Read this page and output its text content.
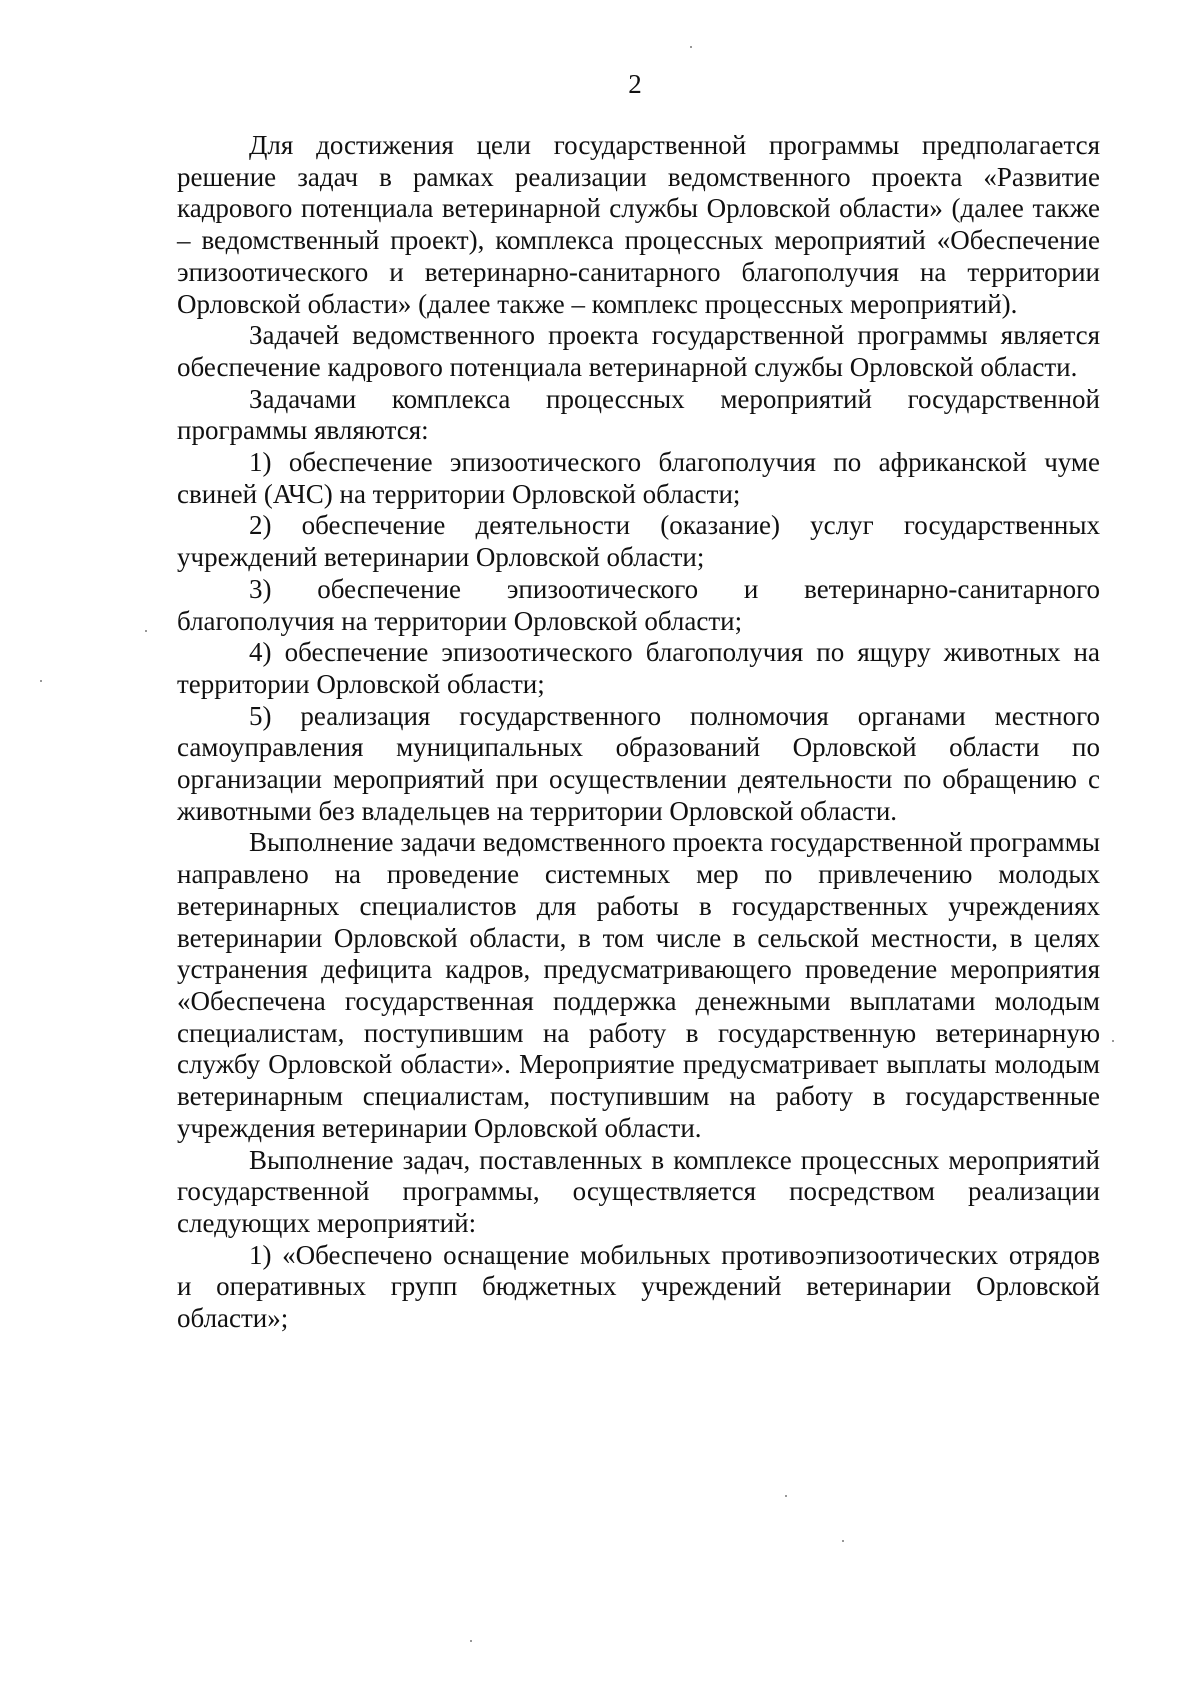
2

Для достижения цели государственной программы предполагается решение задач в рамках реализации ведомственного проекта «Развитие кадрового потенциала ветеринарной службы Орловской области» (далее также – ведомственный проект), комплекса процессных мероприятий «Обеспечение эпизоотического и ветеринарно-санитарного благополучия на территории Орловской области» (далее также – комплекс процессных мероприятий).

Задачей ведомственного проекта государственной программы является обеспечение кадрового потенциала ветеринарной службы Орловской области.

Задачами комплекса процессных мероприятий государственной программы являются:

1) обеспечение эпизоотического благополучия по африканской чуме свиней (АЧС) на территории Орловской области;

2) обеспечение деятельности (оказание) услуг государственных учреждений ветеринарии Орловской области;

3) обеспечение эпизоотического и ветеринарно-санитарного благополучия на территории Орловской области;

4) обеспечение эпизоотического благополучия по ящуру животных на территории Орловской области;

5) реализация государственного полномочия органами местного самоуправления муниципальных образований Орловской области по организации мероприятий при осуществлении деятельности по обращению с животными без владельцев на территории Орловской области.

Выполнение задачи ведомственного проекта государственной программы направлено на проведение системных мер по привлечению молодых ветеринарных специалистов для работы в государственных учреждениях ветеринарии Орловской области, в том числе в сельской местности, в целях устранения дефицита кадров, предусматривающего проведение мероприятия «Обеспечена государственная поддержка денежными выплатами молодым специалистам, поступившим на работу в государственную ветеринарную службу Орловской области». Мероприятие предусматривает выплаты молодым ветеринарным специалистам, поступившим на работу в государственные учреждения ветеринарии Орловской области.

Выполнение задач, поставленных в комплексе процессных мероприятий государственной программы, осуществляется посредством реализации следующих мероприятий:

1) «Обеспечено оснащение мобильных противоэпизоотических отрядов и оперативных групп бюджетных учреждений ветеринарии Орловской области»;
